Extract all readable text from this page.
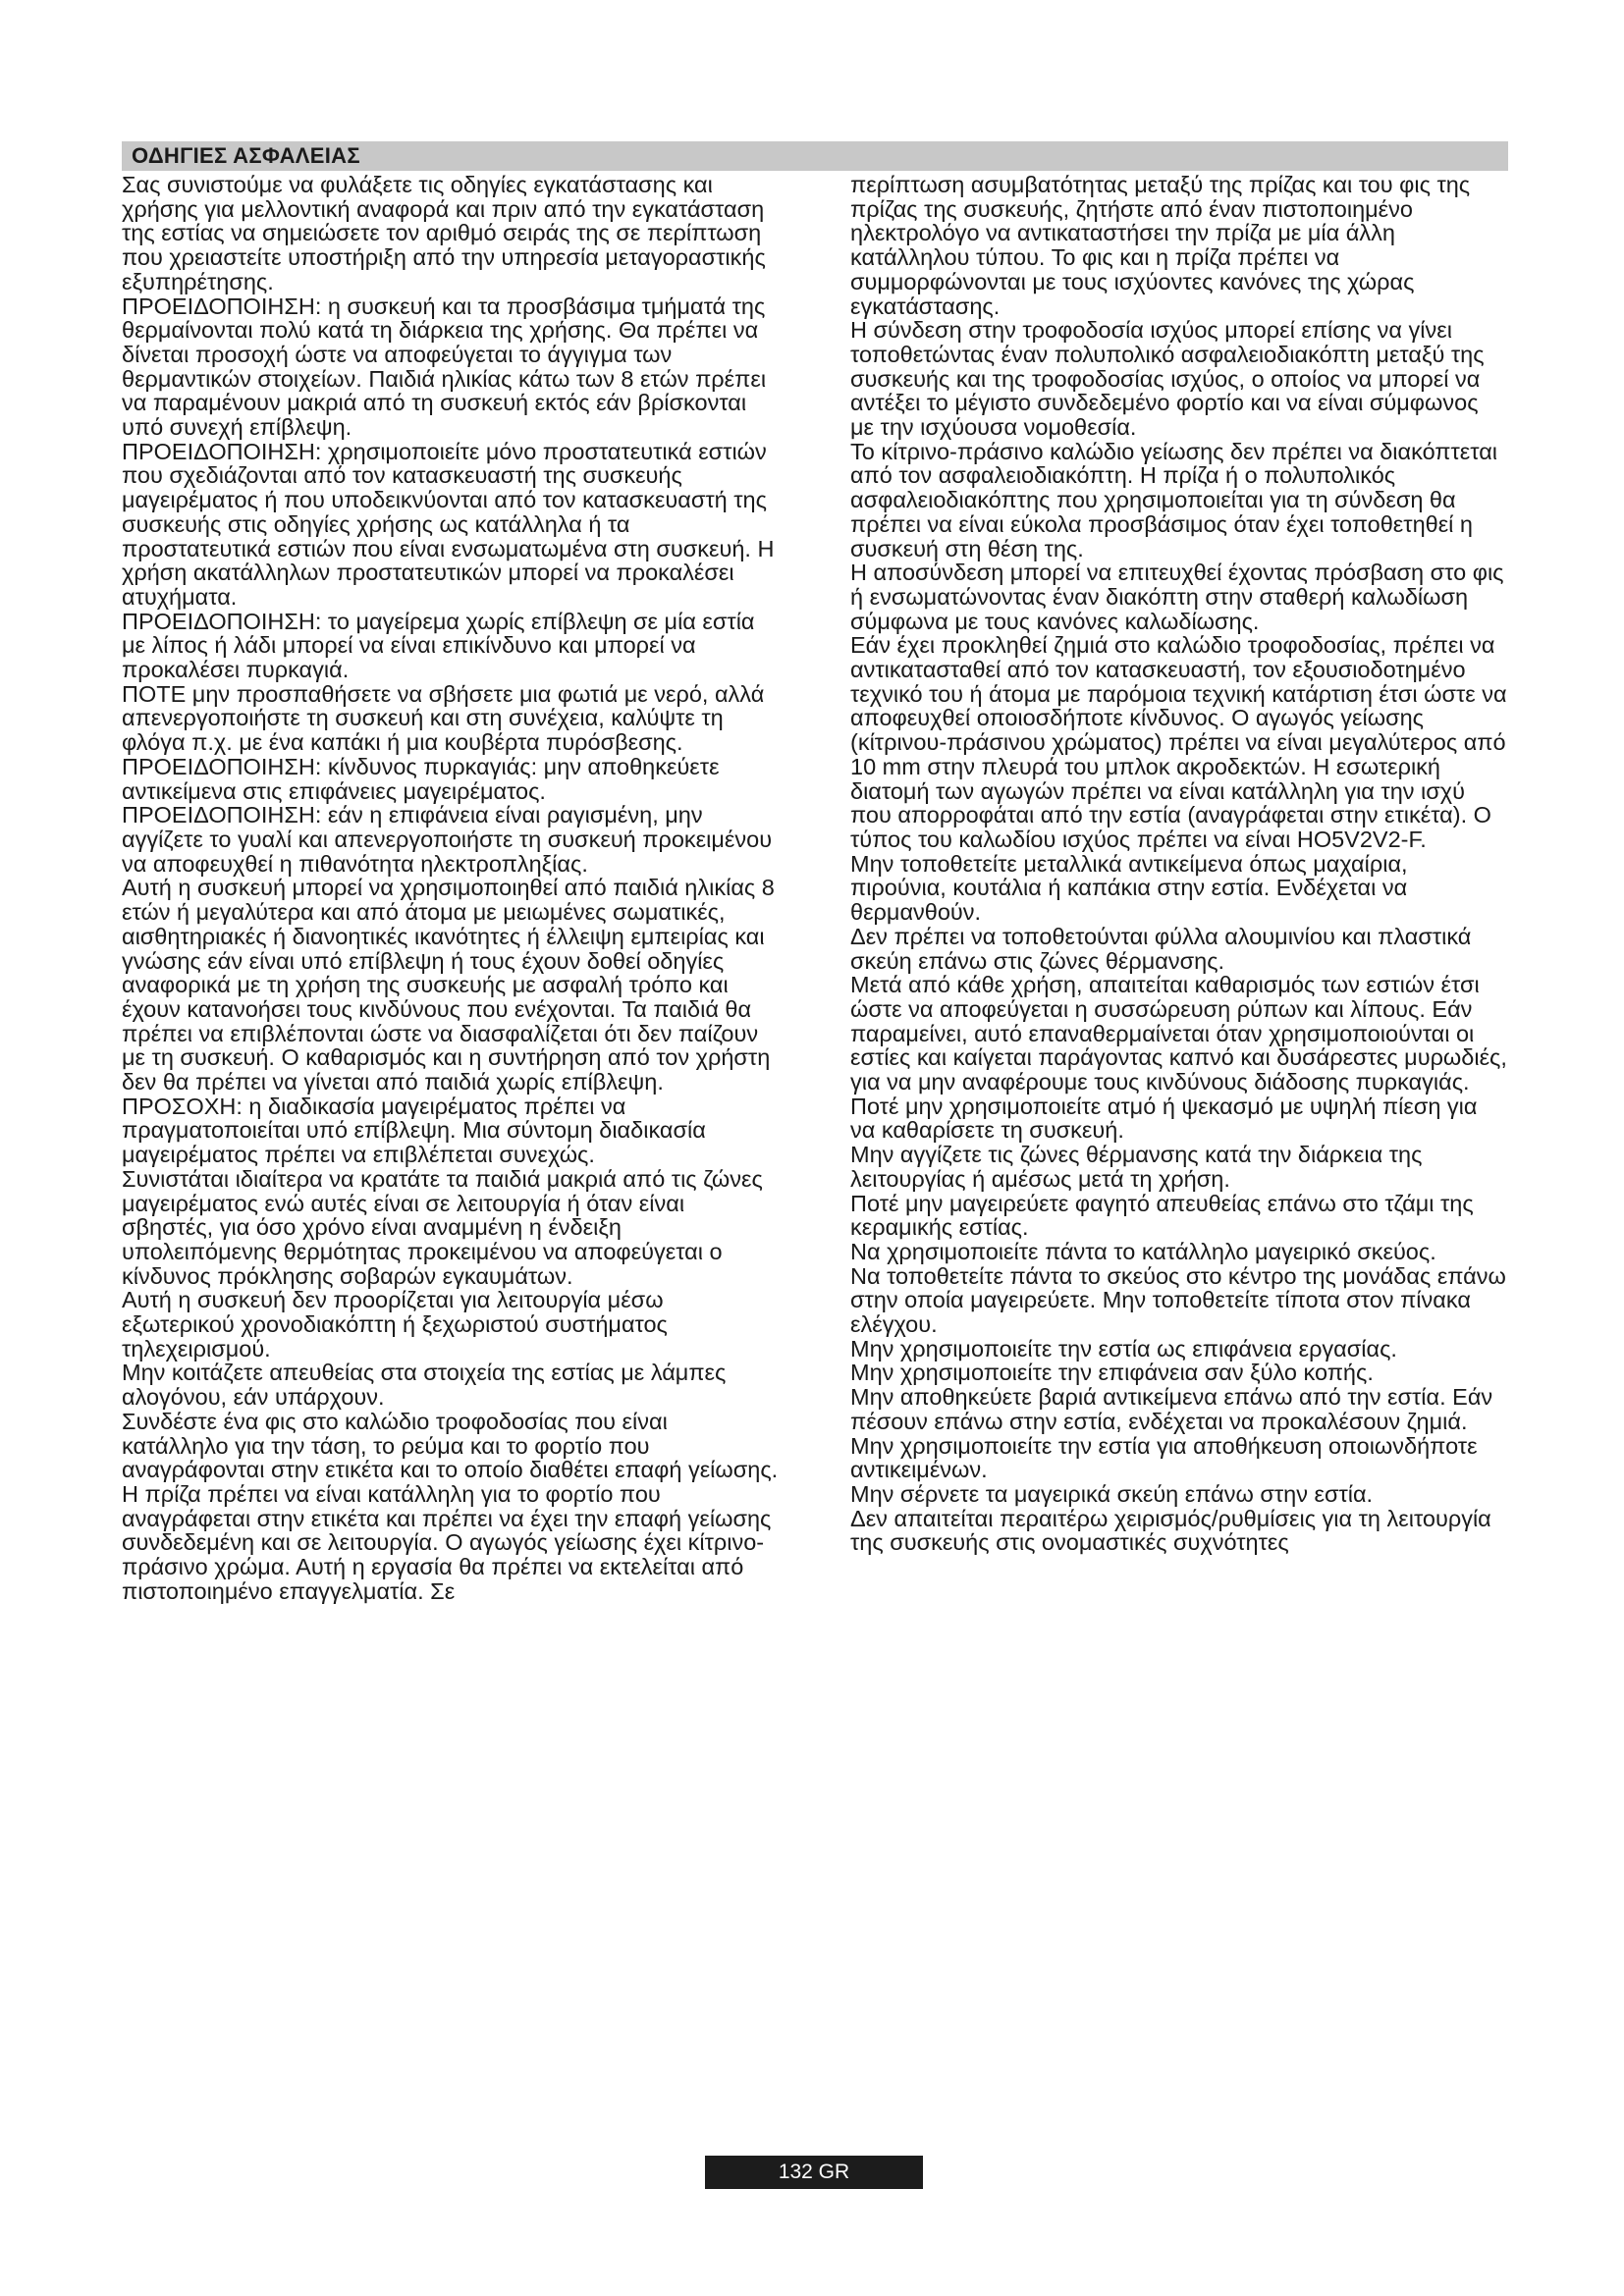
ΟΔΗΓΙΕΣ ΑΣΦΑΛΕΙΑΣ

Σας συνιστούμε να φυλάξετε τις οδηγίες εγκατάστασης και χρήσης για μελλοντική αναφορά και πριν από την εγκατάσταση της εστίας να σημειώσετε τον αριθμό σειράς της σε περίπτωση που χρειαστείτε υποστήριξη από την υπηρεσία μεταγοραστικής εξυπηρέτησης.

ΠΡΟΕΙΔΟΠΟΙΗΣΗ: η συσκευή και τα προσβάσιμα τμήματά της θερμαίνονται πολύ κατά τη διάρκεια της χρήσης. Θα πρέπει να δίνεται προσοχή ώστε να αποφεύγεται το άγγιγμα των θερμαντικών στοιχείων. Παιδιά ηλικίας κάτω των 8 ετών πρέπει να παραμένουν μακριά από τη συσκευή εκτός εάν βρίσκονται υπό συνεχή επίβλεψη.

ΠΡΟΕΙΔΟΠΟΙΗΣΗ: χρησιμοποιείτε μόνο προστατευτικά εστιών που σχεδιάζονται από τον κατασκευαστή της συσκευής μαγειρέματος ή που υποδεικνύονται από τον κατασκευαστή της συσκευής στις οδηγίες χρήσης ως κατάλληλα ή τα προστατευτικά εστιών που είναι ενσωματωμένα στη συσκευή. Η χρήση ακατάλληλων προστατευτικών μπορεί να προκαλέσει ατυχήματα.

ΠΡΟΕΙΔΟΠΟΙΗΣΗ: το μαγείρεμα χωρίς επίβλεψη σε μία εστία με λίπος ή λάδι μπορεί να είναι επικίνδυνο και μπορεί να προκαλέσει πυρκαγιά.

ΠΟΤΕ μην προσπαθήσετε να σβήσετε μια φωτιά με νερό, αλλά απενεργοποιήστε τη συσκευή και στη συνέχεια, καλύψτε τη φλόγα π.χ. με ένα καπάκι ή μια κουβέρτα πυρόσβεσης.

ΠΡΟΕΙΔΟΠΟΙΗΣΗ: κίνδυνος πυρκαγιάς: μην αποθηκεύετε αντικείμενα στις επιφάνειες μαγειρέματος.

ΠΡΟΕΙΔΟΠΟΙΗΣΗ: εάν η επιφάνεια είναι ραγισμένη, μην αγγίζετε το γυαλί και απενεργοποιήστε τη συσκευή προκειμένου να αποφευχθεί η πιθανότητα ηλεκτροπληξίας.

Αυτή η συσκευή μπορεί να χρησιμοποιηθεί από παιδιά ηλικίας 8 ετών ή μεγαλύτερα και από άτομα με μειωμένες σωματικές, αισθητηριακές ή διανοητικές ικανότητες ή έλλειψη εμπειρίας και γνώσης εάν είναι υπό επίβλεψη ή τους έχουν δοθεί οδηγίες αναφορικά με τη χρήση της συσκευής με ασφαλή τρόπο και έχουν κατανοήσει τους κινδύνους που ενέχονται. Τα παιδιά θα πρέπει να επιβλέπονται ώστε να διασφαλίζεται ότι δεν παίζουν με τη συσκευή. Ο καθαρισμός και η συντήρηση από τον χρήστη δεν θα πρέπει να γίνεται από παιδιά χωρίς επίβλεψη.

ΠΡΟΣΟΧΗ: η διαδικασία μαγειρέματος πρέπει να πραγματοποιείται υπό επίβλεψη. Μια σύντομη διαδικασία μαγειρέματος πρέπει να επιβλέπεται συνεχώς.

Συνιστάται ιδιαίτερα να κρατάτε τα παιδιά μακριά από τις ζώνες μαγειρέματος ενώ αυτές είναι σε λειτουργία ή όταν είναι σβηστές, για όσο χρόνο είναι αναμμένη η ένδειξη υπολειπόμενης θερμότητας προκειμένου να αποφεύγεται ο κίνδυνος πρόκλησης σοβαρών εγκαυμάτων.

Αυτή η συσκευή δεν προορίζεται για λειτουργία μέσω εξωτερικού χρονοδιακόπτη ή ξεχωριστού συστήματος τηλεχειρισμού.

Μην κοιτάζετε απευθείας στα στοιχεία της εστίας με λάμπες αλογόνου, εάν υπάρχουν.

Συνδέστε ένα φις στο καλώδιο τροφοδοσίας που είναι κατάλληλο για την τάση, το ρεύμα και το φορτίο που αναγράφονται στην ετικέτα και το οποίο διαθέτει επαφή γείωσης. Η πρίζα πρέπει να είναι κατάλληλη για το φορτίο που αναγράφεται στην ετικέτα και πρέπει να έχει την επαφή γείωσης συνδεδεμένη και σε λειτουργία. Ο αγωγός γείωσης έχει κίτρινο-πράσινο χρώμα. Αυτή η εργασία θα πρέπει να εκτελείται από πιστοποιημένο επαγγελματία. Σε

περίπτωση ασυμβατότητας μεταξύ της πρίζας και του φις της πρίζας της συσκευής, ζητήστε από έναν πιστοποιημένο ηλεκτρολόγο να αντικαταστήσει την πρίζα με μία άλλη κατάλληλου τύπου. Το φις και η πρίζα πρέπει να συμμορφώνονται με τους ισχύοντες κανόνες της χώρας εγκατάστασης.

Η σύνδεση στην τροφοδοσία ισχύος μπορεί επίσης να γίνει τοποθετώντας έναν πολυπολικό ασφαλειοδιακόπτη μεταξύ της συσκευής και της τροφοδοσίας ισχύος, ο οποίος να μπορεί να αντέξει το μέγιστο συνδεδεμένο φορτίο και να είναι σύμφωνος με την ισχύουσα νομοθεσία.

Το κίτρινο-πράσινο καλώδιο γείωσης δεν πρέπει να διακόπτεται από τον ασφαλειοδιακόπτη. Η πρίζα ή ο πολυπολικός ασφαλειοδιακόπτης που χρησιμοποιείται για τη σύνδεση θα πρέπει να είναι εύκολα προσβάσιμος όταν έχει τοποθετηθεί η συσκευή στη θέση της.

Η αποσύνδεση μπορεί να επιτευχθεί έχοντας πρόσβαση στο φις ή ενσωματώνοντας έναν διακόπτη στην σταθερή καλωδίωση σύμφωνα με τους κανόνες καλωδίωσης.

Εάν έχει προκληθεί ζημιά στο καλώδιο τροφοδοσίας, πρέπει να αντικατασταθεί από τον κατασκευαστή, τον εξουσιοδοτημένο τεχνικό του ή άτομα με παρόμοια τεχνική κατάρτιση έτσι ώστε να αποφευχθεί οποιοσδήποτε κίνδυνος. Ο αγωγός γείωσης (κίτρινου-πράσινου χρώματος) πρέπει να είναι μεγαλύτερος από 10 mm στην πλευρά του μπλοκ ακροδεκτών. Η εσωτερική διατομή των αγωγών πρέπει να είναι κατάλληλη για την ισχύ που απορροφάται από την εστία (αναγράφεται στην ετικέτα). Ο τύπος του καλωδίου ισχύος πρέπει να είναι HO5V2V2-F.

Μην τοποθετείτε μεταλλικά αντικείμενα όπως μαχαίρια, πιρούνια, κουτάλια ή καπάκια στην εστία. Ενδέχεται να θερμανθούν.

Δεν πρέπει να τοποθετούνται φύλλα αλουμινίου και πλαστικά σκεύη επάνω στις ζώνες θέρμανσης.

Μετά από κάθε χρήση, απαιτείται καθαρισμός των εστιών έτσι ώστε να αποφεύγεται η συσσώρευση ρύπων και λίπους. Εάν παραμείνει, αυτό επαναθερμαίνεται όταν χρησιμοποιούνται οι εστίες και καίγεται παράγοντας καπνό και δυσάρεστες μυρωδιές, για να μην αναφέρουμε τους κινδύνους διάδοσης πυρκαγιάς.

Ποτέ μην χρησιμοποιείτε ατμό ή ψεκασμό με υψηλή πίεση για να καθαρίσετε τη συσκευή.

Μην αγγίζετε τις ζώνες θέρμανσης κατά την διάρκεια της λειτουργίας ή αμέσως μετά τη χρήση.

Ποτέ μην μαγειρεύετε φαγητό απευθείας επάνω στο τζάμι της κεραμικής εστίας.

Να χρησιμοποιείτε πάντα το κατάλληλο μαγειρικό σκεύος.

Να τοποθετείτε πάντα το σκεύος στο κέντρο της μονάδας επάνω στην οποία μαγειρεύετε. Μην τοποθετείτε τίποτα στον πίνακα ελέγχου.

Μην χρησιμοποιείτε την εστία ως επιφάνεια εργασίας.

Μην χρησιμοποιείτε την επιφάνεια σαν ξύλο κοπής.

Μην αποθηκεύετε βαριά αντικείμενα επάνω από την εστία. Εάν πέσουν επάνω στην εστία, ενδέχεται να προκαλέσουν ζημιά.

Μην χρησιμοποιείτε την εστία για αποθήκευση οποιωνδήποτε αντικειμένων.

Μην σέρνετε τα μαγειρικά σκεύη επάνω στην εστία.

Δεν απαιτείται περαιτέρω χειρισμός/ρυθμίσεις για τη λειτουργία της συσκευής στις ονομαστικές συχνότητες

132 GR
